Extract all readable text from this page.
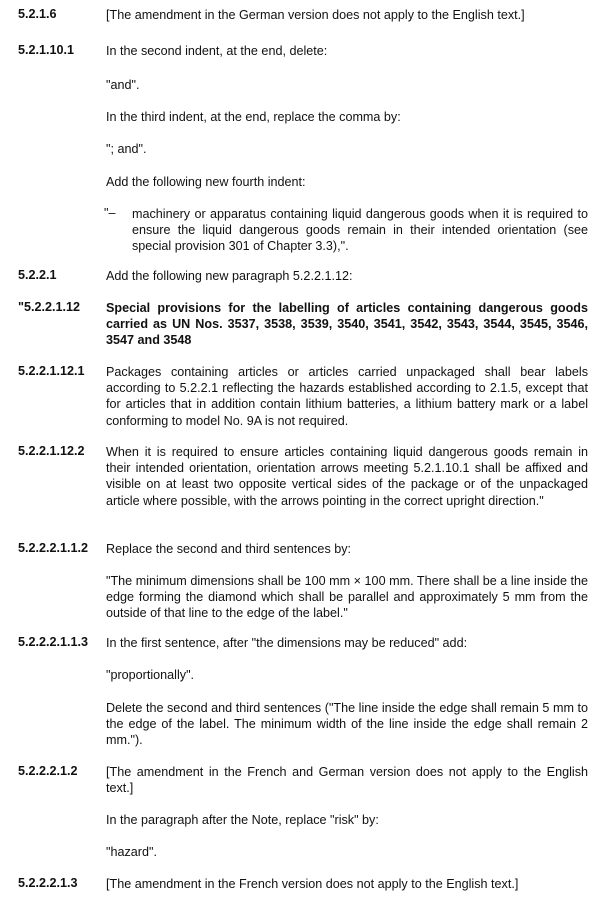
5.2.1.6	[The amendment in the German version does not apply to the English text.]
5.2.1.10.1	In the second indent, at the end, delete:
"and".
In the third indent, at the end, replace the comma by:
"; and".
Add the following new fourth indent:
"– machinery or apparatus containing liquid dangerous goods when it is required to ensure the liquid dangerous goods remain in their intended orientation (see special provision 301 of Chapter 3.3),".
5.2.2.1	Add the following new paragraph 5.2.2.1.12:
"5.2.2.1.12 Special provisions for the labelling of articles containing dangerous goods carried as UN Nos. 3537, 3538, 3539, 3540, 3541, 3542, 3543, 3544, 3545, 3546, 3547 and 3548
5.2.2.1.12.1 Packages containing articles or articles carried unpackaged shall bear labels according to 5.2.2.1 reflecting the hazards established according to 2.1.5, except that for articles that in addition contain lithium batteries, a lithium battery mark or a label conforming to model No. 9A is not required.
5.2.2.1.12.2 When it is required to ensure articles containing liquid dangerous goods remain in their intended orientation, orientation arrows meeting 5.2.1.10.1 shall be affixed and visible on at least two opposite vertical sides of the package or of the unpackaged article where possible, with the arrows pointing in the correct upright direction."
5.2.2.2.1.1.2 Replace the second and third sentences by:
"The minimum dimensions shall be 100 mm × 100 mm. There shall be a line inside the edge forming the diamond which shall be parallel and approximately 5 mm from the outside of that line to the edge of the label."
5.2.2.2.1.1.3 In the first sentence, after "the dimensions may be reduced" add:
"proportionally".
Delete the second and third sentences ("The line inside the edge shall remain 5 mm to the edge of the label. The minimum width of the line inside the edge shall remain 2 mm.").
5.2.2.2.1.2 [The amendment in the French and German version does not apply to the English text.]
In the paragraph after the Note, replace "risk" by:
"hazard".
5.2.2.2.1.3 [The amendment in the French version does not apply to the English text.]
